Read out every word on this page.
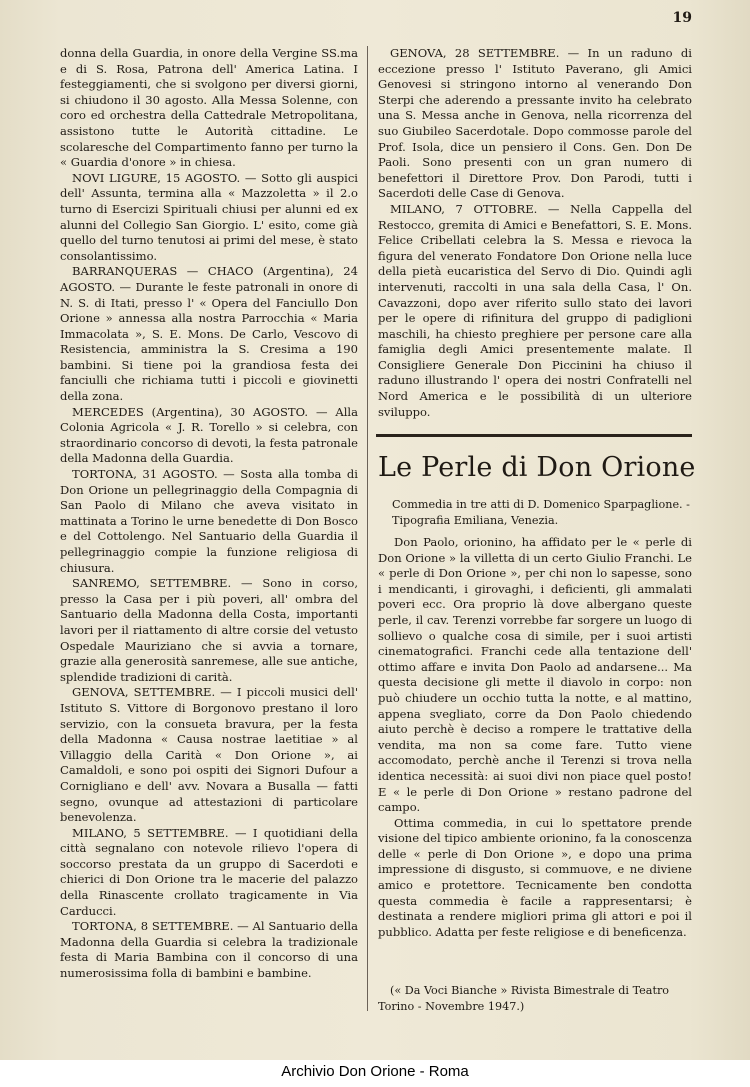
19

donna della Guardia, in onore della Vergine SS.ma e di S. Rosa, Patrona dell' America Latina. I festeggiamenti, che si svolgono per diversi giorni, si chiudono il 30 agosto. Alla Messa Solenne, con coro ed orchestra della Cattedrale Metropolitana, assistono tutte le Autorità cittadine. Le scolaresche del Compartimento fanno per turno la « Guardia d'onore » in chiesa.

NOVI LIGURE, 15 AGOSTO. — Sotto gli auspici dell' Assunta, termina alla « Mazzoletta » il 2.o turno di Esercizi Spirituali chiusi per alunni ed ex alunni del Collegio San Giorgio. L' esito, come già quello del turno tenutosi ai primi del mese, è stato consolantissimo.

BARRANQUERAS — CHACO (Argentina), 24 AGOSTO. — Durante le feste patronali in onore di N. S. di Itati, presso l' « Opera del Fanciullo Don Orione » annessa alla nostra Parrocchia « Maria Immacolata », S. E. Mons. De Carlo, Vescovo di Resistencia, amministra la S. Cresima a 190 bambini. Si tiene poi la grandiosa festa dei fanciulli che richiama tutti i piccoli e giovinetti della zona.

MERCEDES (Argentina), 30 AGOSTO. — Alla Colonia Agricola « J. R. Torello » si celebra, con straordinario concorso di devoti, la festa patronale della Madonna della Guardia.

TORTONA, 31 AGOSTO. — Sosta alla tomba di Don Orione un pellegrinaggio della Compagnia di San Paolo di Milano che aveva visitato in mattinata a Torino le urne benedette di Don Bosco e del Cottolengo. Nel Santuario della Guardia il pellegrinaggio compie la funzione religiosa di chiusura.

SANREMO, SETTEMBRE. — Sono in corso, presso la Casa per i più poveri, all' ombra del Santuario della Madonna della Costa, importanti lavori per il riattamento di altre corsie del vetusto Ospedale Mauriziano che si avvia a tornare, grazie alla generosità sanremese, alle sue antiche, splendide tradizioni di carità.

GENOVA, SETTEMBRE. — I piccoli musici dell' Istituto S. Vittore di Borgonovo prestano il loro servizio, con la consueta bravura, per la festa della Madonna « Causa nostrae laetitiae » al Villaggio della Carità « Don Orione », ai Camaldoli, e sono poi ospiti dei Signori Dufour a Cornigliano e dell' avv. Novara a Busalla — fatti segno, ovunque ad attestazioni di particolare benevolenza.

MILANO, 5 SETTEMBRE. — I quotidiani della città segnalano con notevole rilievo l'opera di soccorso prestata da un gruppo di Sacerdoti e chierici di Don Orione tra le macerie del palazzo della Rinascente crollato tragicamente in Via Carducci.

TORTONA, 8 SETTEMBRE. — Al Santuario della Madonna della Guardia si celebra la tradizionale festa di Maria Bambina con il concorso di una numerosissima folla di bambini e bambine.

GENOVA, 28 SETTEMBRE. — In un raduno di eccezione presso l' Istituto Paverano, gli Amici Genovesi si stringono intorno al venerando Don Sterpi che aderendo a pressante invito ha celebrato una S. Messa anche in Genova, nella ricorrenza del suo Giubileo Sacerdotale. Dopo commosse parole del Prof. Isola, dice un pensiero il Cons. Gen. Don De Paoli. Sono presenti con un gran numero di benefettori il Direttore Prov. Don Parodi, tutti i Sacerdoti delle Case di Genova.

MILANO, 7 OTTOBRE. — Nella Cappella del Restocco, gremita di Amici e Benefattori, S. E. Mons. Felice Cribellati celebra la S. Messa e rievoca la figura del venerato Fondatore Don Orione nella luce della pietà eucaristica del Servo di Dio. Quindi agli intervenuti, raccolti in una sala della Casa, l' On. Cavazzoni, dopo aver riferito sullo stato dei lavori per le opere di rifinitura del gruppo di padiglioni maschili, ha chiesto preghiere per persone care alla famiglia degli Amici presentemente malate. Il Consigliere Generale Don Piccinini ha chiuso il raduno illustrando l' opera dei nostri Confratelli nel Nord America e le possibilità di un ulteriore sviluppo.

Le Perle di Don Orione
Commedia in tre atti di D. Domenico Sparpaglione. - Tipografia Emiliana, Venezia.

Don Paolo, orionino, ha affidato per le « perle di Don Orione » la villetta di un certo Giulio Franchi. Le « perle di Don Orione », per chi non lo sapesse, sono i mendicanti, i girovaghi, i deficienti, gli ammalati poveri ecc. Ora proprio là dove albergano queste perle, il cav. Terenzi vorrebbe far sorgere un luogo di sollievo o qualche cosa di simile, per i suoi artisti cinematografici. Franchi cede alla tentazione dell' ottimo affare e invita Don Paolo ad andarsene... Ma questa decisione gli mette il diavolo in corpo: non può chiudere un occhio tutta la notte, e al mattino, appena svegliato, corre da Don Paolo chiedendo aiuto perchè è deciso a rompere le trattative della vendita, ma non sa come fare. Tutto viene accomodato, perchè anche il Terenzi si trova nella identica necessità: ai suoi divi non piace quel posto! E « le perle di Don Orione » restano padrone del campo.

Ottima commedia, in cui lo spettatore prende visione del tipico ambiente orionino, fa la conoscenza delle « perle di Don Orione », e dopo una prima impressione di disgusto, si commuove, e ne diviene amico e protettore. Tecnicamente ben condotta questa commedia è facile a rappresentarsi; è destinata a rendere migliori prima gli attori e poi il pubblico. Adatta per feste religiose e di beneficenza.

(« Da Voci Bianche » Rivista Bimestrale di Teatro Torino - Novembre 1947.)

Archivio Don Orione - Roma
